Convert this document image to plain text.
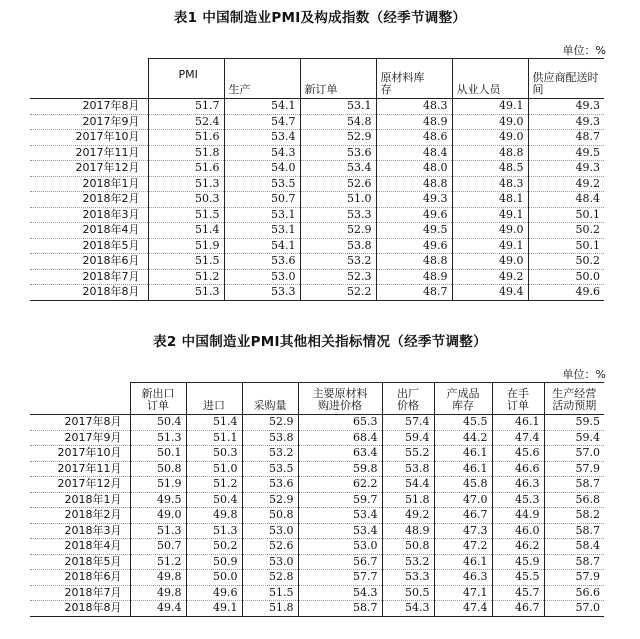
表1 中国制造业PMI及构成指数（经季节调整）
单位：%
	PMI	生产	新订单	原材料库存	从业人员	供应商配送时间
2017年8月	51.7	54.1	53.1	48.3	49.1	49.3
2017年9月	52.4	54.7	54.8	48.9	49.0	49.3
2017年10月	51.6	53.4	52.9	48.6	49.0	48.7
2017年11月	51.8	54.3	53.6	48.4	48.8	49.5
2017年12月	51.6	54.0	53.4	48.0	48.5	49.3
2018年1月	51.3	53.5	52.6	48.8	48.3	49.2
2018年2月	50.3	50.7	51.0	49.3	48.1	48.4
2018年3月	51.5	53.1	53.3	49.6	49.1	50.1
2018年4月	51.4	53.1	52.9	49.5	49.0	50.2
2018年5月	51.9	54.1	53.8	49.6	49.1	50.1
2018年6月	51.5	53.6	53.2	48.8	49.0	50.2
2018年7月	51.2	53.0	52.3	48.9	49.2	50.0
2018年8月	51.3	53.3	52.2	48.7	49.4	49.6
表2 中国制造业PMI其他相关指标情况（经季节调整）
单位：%
	新出口订单	进口	采购量	主要原材料购进价格	出厂价格	产成品库存	在手订单	生产经营活动预期
2017年8月	50.4	51.4	52.9	65.3	57.4	45.5	46.1	59.5
2017年9月	51.3	51.1	53.8	68.4	59.4	44.2	47.4	59.4
2017年10月	50.1	50.3	53.2	63.4	55.2	46.1	45.6	57.0
2017年11月	50.8	51.0	53.5	59.8	53.8	46.1	46.6	57.9
2017年12月	51.9	51.2	53.6	62.2	54.4	45.8	46.3	58.7
2018年1月	49.5	50.4	52.9	59.7	51.8	47.0	45.3	56.8
2018年2月	49.0	49.8	50.8	53.4	49.2	46.7	44.9	58.2
2018年3月	51.3	51.3	53.0	53.4	48.9	47.3	46.0	58.7
2018年4月	50.7	50.2	52.6	53.0	50.8	47.2	46.2	58.4
2018年5月	51.2	50.9	53.0	56.7	53.2	46.1	45.9	58.7
2018年6月	49.8	50.0	52.8	57.7	53.3	46.3	45.5	57.9
2018年7月	49.8	49.6	51.5	54.3	50.5	47.1	45.7	56.6
2018年8月	49.4	49.1	51.8	58.7	54.3	47.4	46.7	57.0
